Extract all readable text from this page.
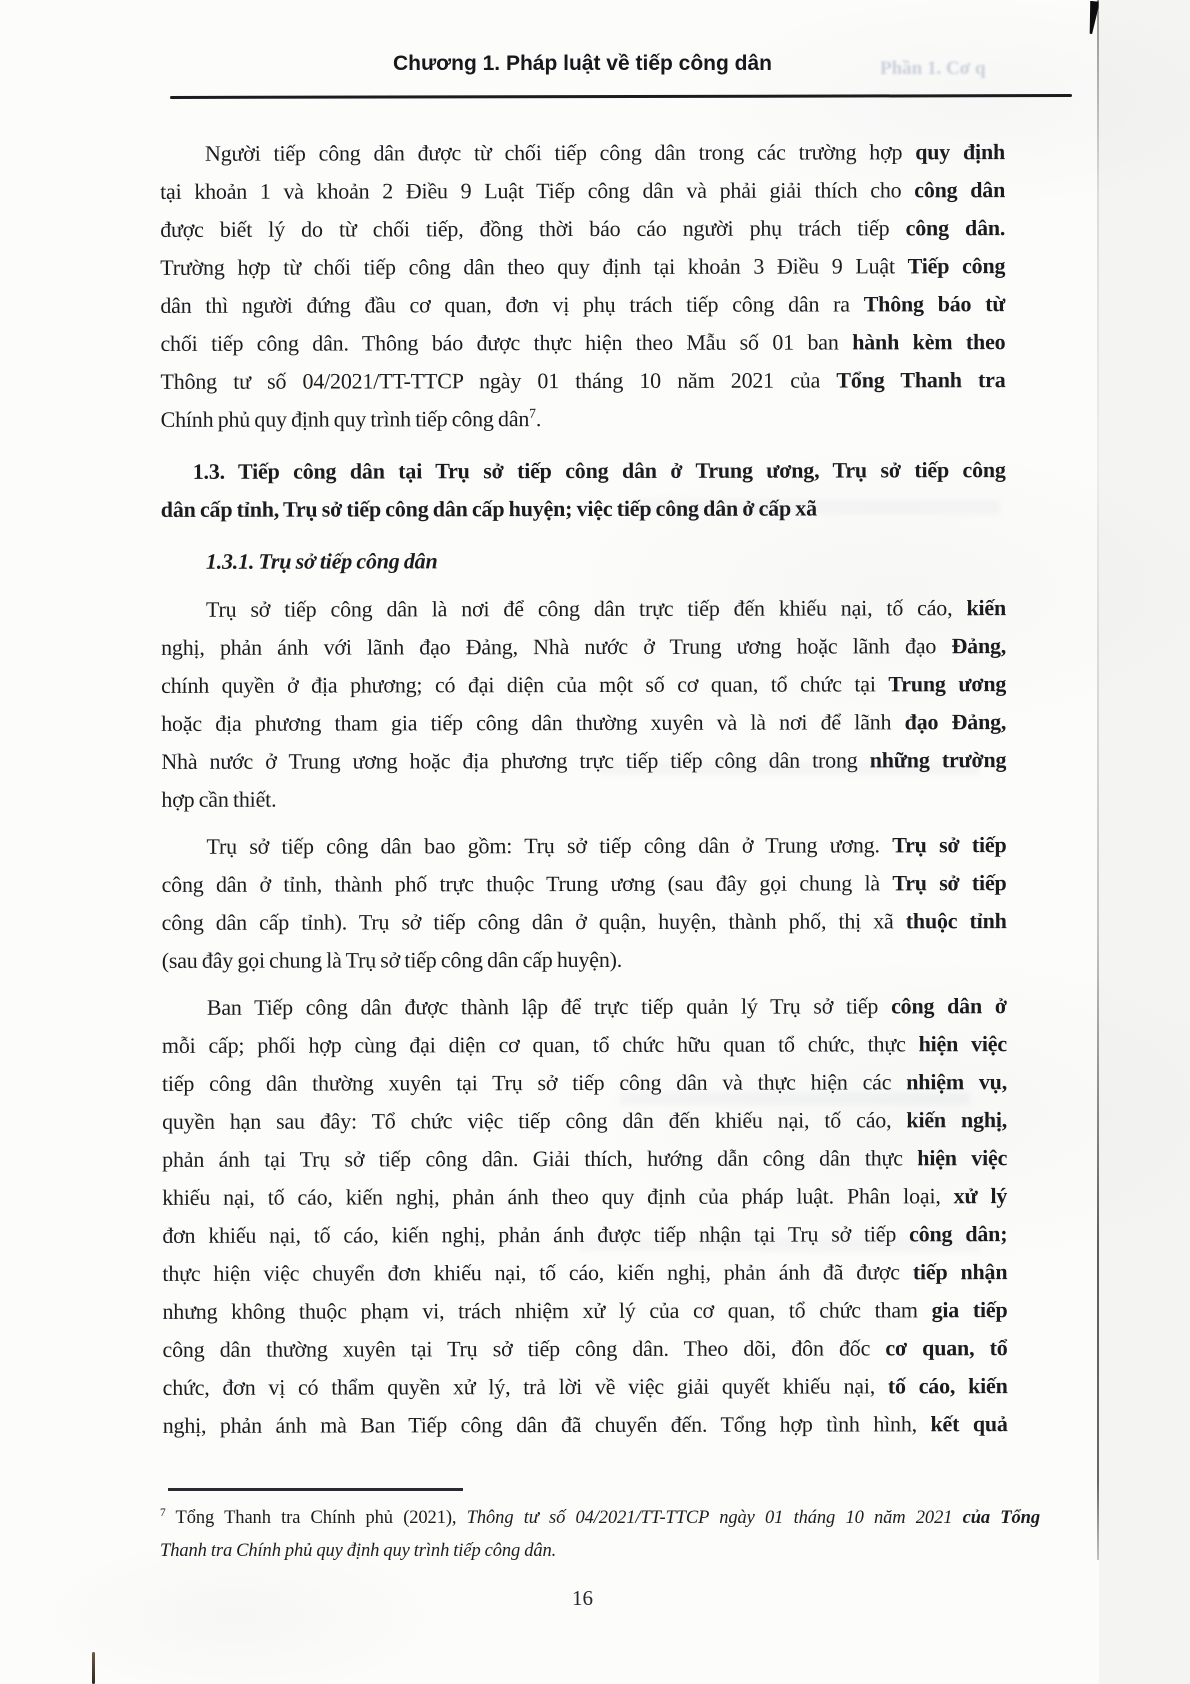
Chương 1. Pháp luật về tiếp công dân	Phần 1. Cơ q
Người tiếp công dân được từ chối tiếp công dân trong các trường hợp quy định
tại khoản 1 và khoản 2 Điều 9 Luật Tiếp công dân và phải giải thích cho công dân
được biết lý do từ chối tiếp, đồng thời báo cáo người phụ trách tiếp công dân.
Trường hợp từ chối tiếp công dân theo quy định tại khoản 3 Điều 9 Luật Tiếp công
dân thì người đứng đầu cơ quan, đơn vị phụ trách tiếp công dân ra Thông báo từ
chối tiếp công dân. Thông báo được thực hiện theo Mẫu số 01 ban hành kèm theo
Thông tư số 04/2021/TT-TTCP ngày 01 tháng 10 năm 2021 của Tổng Thanh tra
Chính phủ quy định quy trình tiếp công dân$^7$.
1.3. Tiếp công dân tại Trụ sở tiếp công dân ở Trung ương, Trụ sở tiếp công
dân cấp tỉnh, Trụ sở tiếp công dân cấp huyện; việc tiếp công dân ở cấp xã
1.3.1. Trụ sở tiếp công dân
Trụ sở tiếp công dân là nơi để công dân trực tiếp đến khiếu nại, tố cáo, kiến
nghị, phản ánh với lãnh đạo Đảng, Nhà nước ở Trung ương hoặc lãnh đạo Đảng,
chính quyền ở địa phương; có đại diện của một số cơ quan, tổ chức tại Trung ương
hoặc địa phương tham gia tiếp công dân thường xuyên và là nơi để lãnh đạo Đảng,
Nhà nước ở Trung ương hoặc địa phương trực tiếp tiếp công dân trong những trường
hợp cần thiết.
Trụ sở tiếp công dân bao gồm: Trụ sở tiếp công dân ở Trung ương. Trụ sở tiếp
công dân ở tỉnh, thành phố trực thuộc Trung ương (sau đây gọi chung là Trụ sở tiếp
công dân cấp tỉnh). Trụ sở tiếp công dân ở quận, huyện, thành phố, thị xã thuộc tỉnh
(sau đây gọi chung là Trụ sở tiếp công dân cấp huyện).
Ban Tiếp công dân được thành lập để trực tiếp quản lý Trụ sở tiếp công dân ở
mỗi cấp; phối hợp cùng đại diện cơ quan, tổ chức hữu quan tổ chức, thực hiện việc
tiếp công dân thường xuyên tại Trụ sở tiếp công dân và thực hiện các nhiệm vụ,
quyền hạn sau đây: Tổ chức việc tiếp công dân đến khiếu nại, tố cáo, kiến nghị,
phản ánh tại Trụ sở tiếp công dân. Giải thích, hướng dẫn công dân thực hiện việc
khiếu nại, tố cáo, kiến nghị, phản ánh theo quy định của pháp luật. Phân loại, xử lý
đơn khiếu nại, tố cáo, kiến nghị, phản ánh được tiếp nhận tại Trụ sở tiếp công dân;
thực hiện việc chuyển đơn khiếu nại, tố cáo, kiến nghị, phản ánh đã được tiếp nhận
nhưng không thuộc phạm vi, trách nhiệm xử lý của cơ quan, tổ chức tham gia tiếp
công dân thường xuyên tại Trụ sở tiếp công dân. Theo dõi, đôn đốc cơ quan, tổ
chức, đơn vị có thẩm quyền xử lý, trả lời về việc giải quyết khiếu nại, tố cáo, kiến
nghị, phản ánh mà Ban Tiếp công dân đã chuyển đến. Tổng hợp tình hình, kết quả
$^7$ Tổng Thanh tra Chính phủ (2021), Thông tư số 04/2021/TT-TTCP ngày 01 tháng 10 năm 2021 của Tổng
Thanh tra Chính phủ quy định quy trình tiếp công dân.
16
